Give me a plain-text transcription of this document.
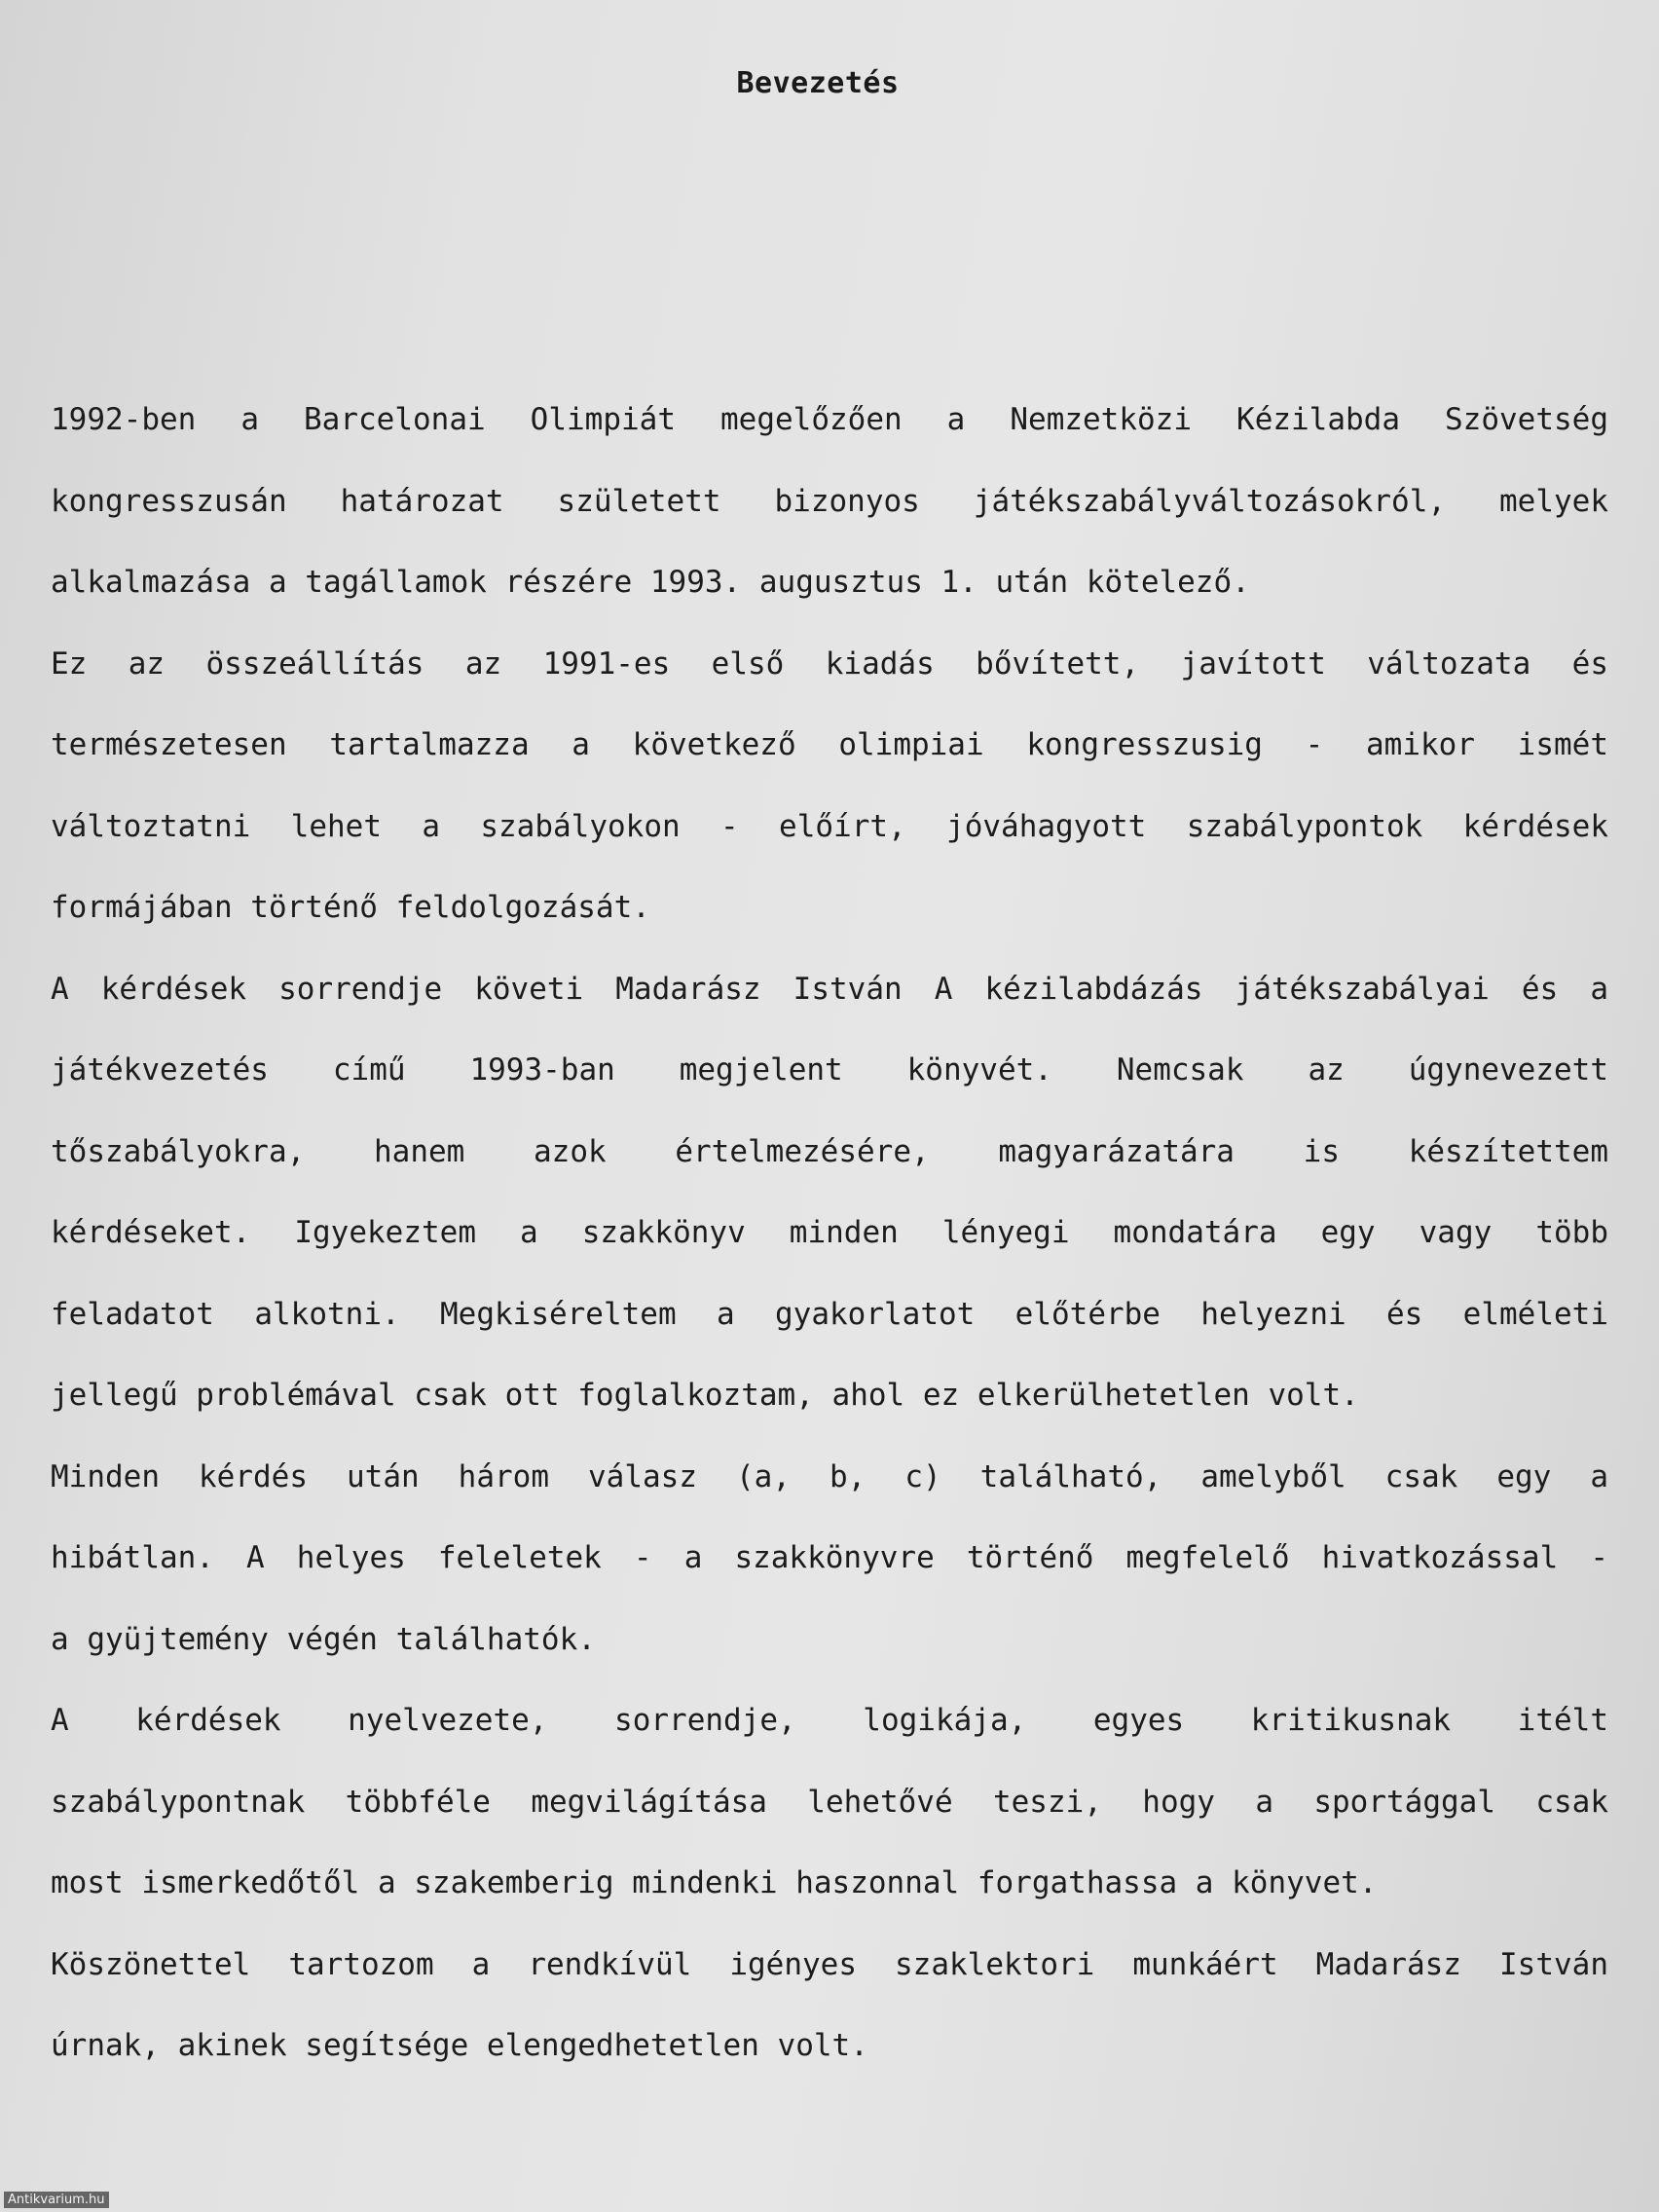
Bevezetés
1992-ben a Barcelonai Olimpiát megelőzően a Nemzetközi Kézilabda Szövetség
kongresszusán határozat született bizonyos játékszabályváltozásokról, melyek
alkalmazása a tagállamok részére 1993. augusztus 1. után kötelező.
Ez az összeállítás az 1991-es első kiadás bővített, javított változata és
természetesen tartalmazza a következő olimpiai kongresszusig - amikor ismét
változtatni lehet a szabályokon - előírt, jóváhagyott szabálypontok kérdések
formájában történő feldolgozását.
A kérdések sorrendje követi Madarász István A kézilabdázás játékszabályai és a
játékvezetés című 1993-ban megjelent könyvét. Nemcsak az úgynevezett
tőszabályokra, hanem azok értelmezésére, magyarázatára is készítettem
kérdéseket. Igyekeztem a szakkönyv minden lényegi mondatára egy vagy több
feladatot alkotni. Megkiséreltem a gyakorlatot előtérbe helyezni és elméleti
jellegű problémával csak ott foglalkoztam, ahol ez elkerülhetetlen volt.
Minden kérdés után három válasz (a, b, c) található, amelyből csak egy a
hibátlan. A helyes feleletek - a szakkönyvre történő megfelelő hivatkozással -
a gyüjtemény végén találhatók.
A kérdések nyelvezete, sorrendje, logikája, egyes kritikusnak itélt
szabálypontnak többféle megvilágítása lehetővé teszi, hogy a sportággal csak
most ismerkedőtől a szakemberig mindenki haszonnal forgathassa a könyvet.
Köszönettel tartozom a rendkívül igényes szaklektori munkáért Madarász István
úrnak, akinek segítsége elengedhetetlen volt.
Antikvarium.hu
